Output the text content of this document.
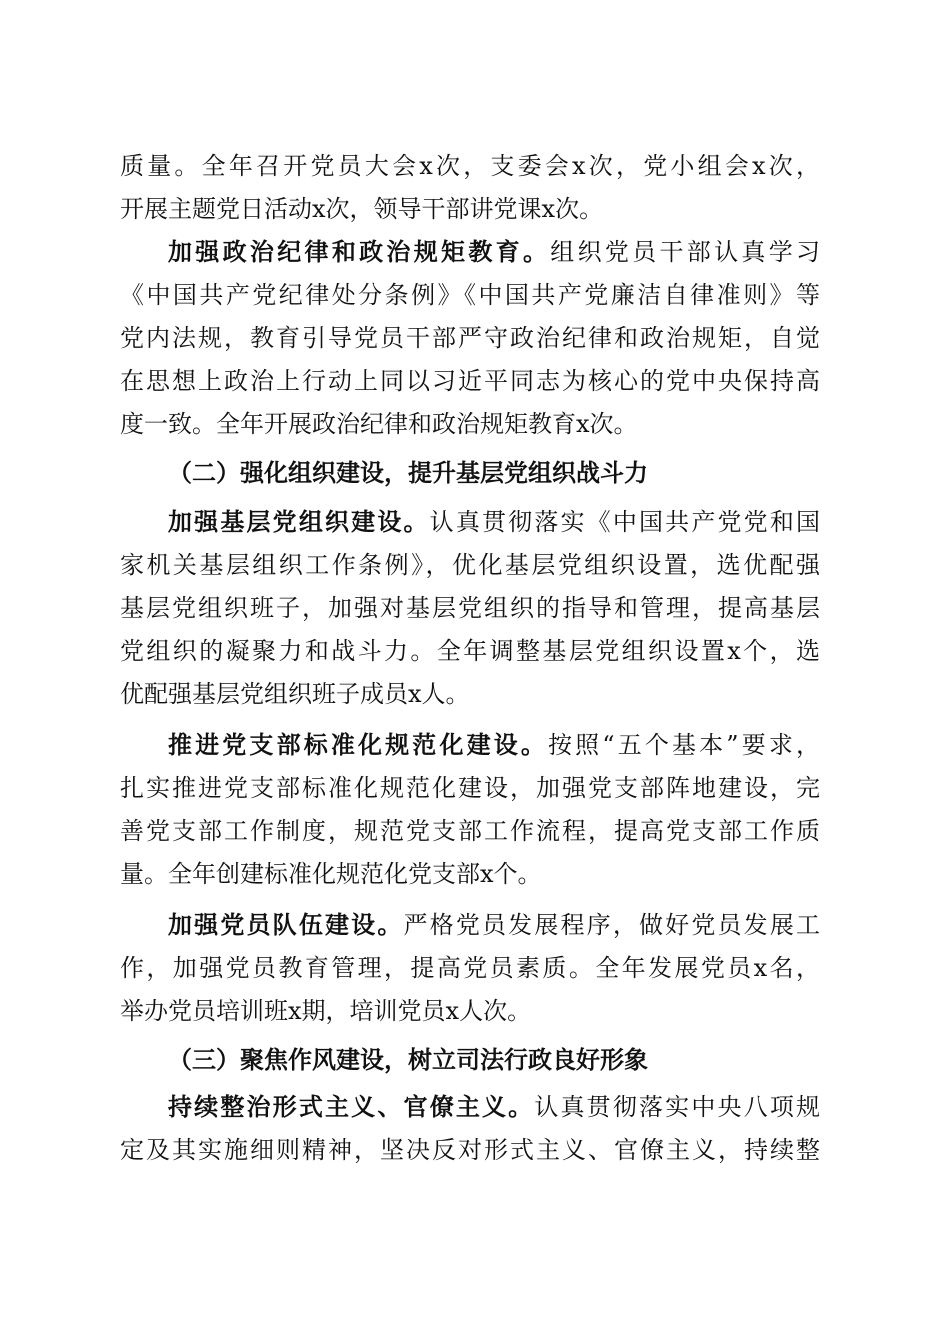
质量。全年召开党员大会x次，支委会x次，党小组会x次，
开展主题党日活动x次，领导干部讲党课x次。
加强政治纪律和政治规矩教育。组织党员干部认真学习
《中国共产党纪律处分条例》《中国共产党廉洁自律准则》等
党内法规，教育引导党员干部严守政治纪律和政治规矩，自觉
在思想上政治上行动上同以习近平同志为核心的党中央保持高
度一致。全年开展政治纪律和政治规矩教育x次。
（二）强化组织建设，提升基层党组织战斗力
加强基层党组织建设。认真贯彻落实《中国共产党党和国
家机关基层组织工作条例》，优化基层党组织设置，选优配强
基层党组织班子，加强对基层党组织的指导和管理，提高基层
党组织的凝聚力和战斗力。全年调整基层党组织设置x个，选
优配强基层党组织班子成员x人。
推进党支部标准化规范化建设。按照“五个基本”要求，
扎实推进党支部标准化规范化建设，加强党支部阵地建设，完
善党支部工作制度，规范党支部工作流程，提高党支部工作质
量。全年创建标准化规范化党支部x个。
加强党员队伍建设。严格党员发展程序，做好党员发展工
作，加强党员教育管理，提高党员素质。全年发展党员x名，
举办党员培训班x期，培训党员x人次。
（三）聚焦作风建设，树立司法行政良好形象
持续整治形式主义、官僚主义。认真贯彻落实中央八项规
定及其实施细则精神，坚决反对形式主义、官僚主义，持续整
